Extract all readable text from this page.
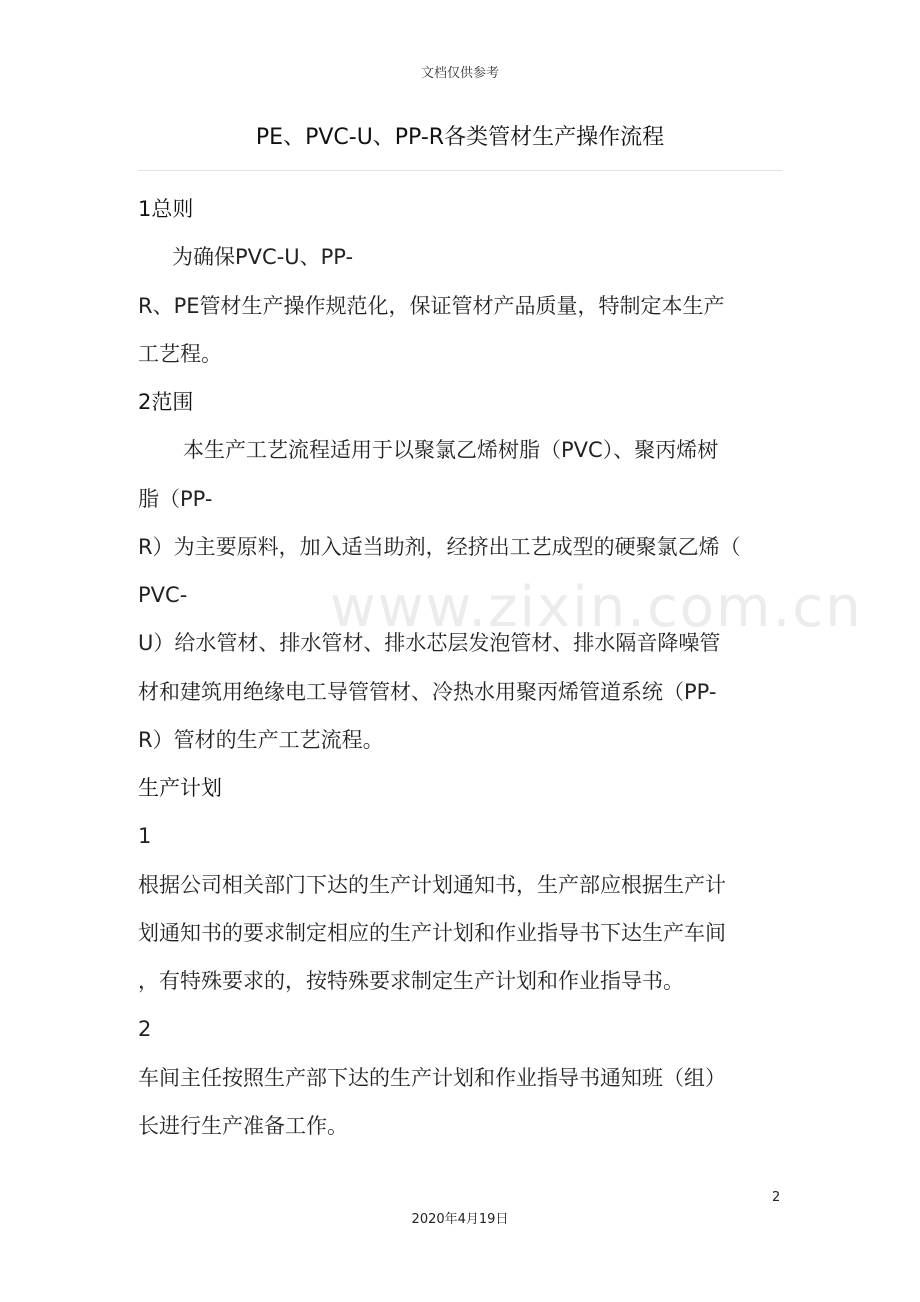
www.zixin.com.cn
文档仅供参考
PE、PVC-U、PP-R各类管材生产操作流程
1总则
为确保PVC-U、PP-
R、PE管材生产操作规范化，保证管材产品质量，特制定本生产
工艺程。
2范围
本生产工艺流程适用于以聚氯乙烯树脂（PVC）、聚丙烯树
脂（PP-
R）为主要原料，加入适当助剂，经挤出工艺成型的硬聚氯乙烯（
PVC-
U）给水管材、排水管材、排水芯层发泡管材、排水隔音降噪管
材和建筑用绝缘电工导管管材、冷热水用聚丙烯管道系统（PP-
R）管材的生产工艺流程。
生产计划
1
根据公司相关部门下达的生产计划通知书，生产部应根据生产计
划通知书的要求制定相应的生产计划和作业指导书下达生产车间
，有特殊要求的，按特殊要求制定生产计划和作业指导书。
2
车间主任按照生产部下达的生产计划和作业指导书通知班（组）
长进行生产准备工作。
2
2020年4月19日
